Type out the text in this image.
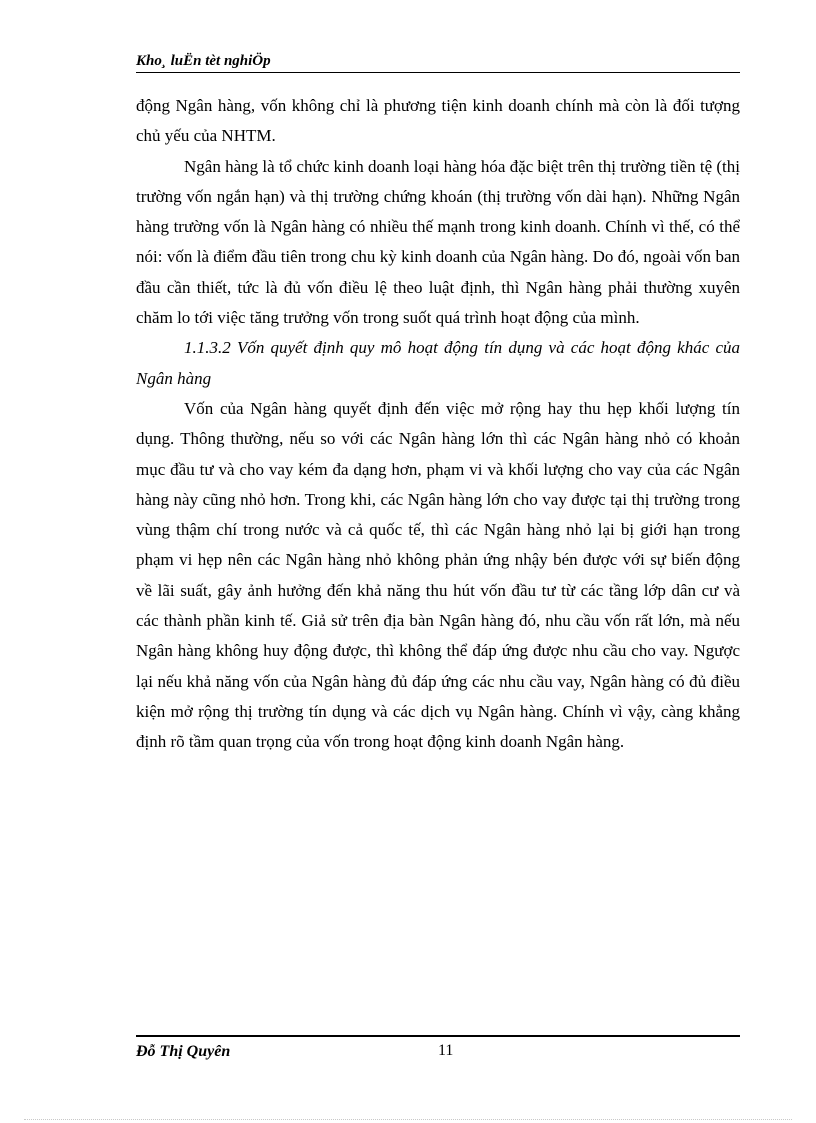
Kho¸ luËn tèt nghiÖp

động Ngân hàng, vốn không chỉ là phương tiện kinh doanh chính mà còn là đối tượng chủ yếu của NHTM.

Ngân hàng là tổ chức kinh doanh loại hàng hóa đặc biệt trên thị trường tiền tệ (thị trường vốn ngắn hạn) và thị trường chứng khoán (thị trường vốn dài hạn). Những Ngân hàng trường vốn là Ngân hàng có nhiều thế mạnh trong kinh doanh. Chính vì thế, có thể nói: vốn là điểm đầu tiên trong chu kỳ kinh doanh của Ngân hàng. Do đó, ngoài vốn ban đầu cần thiết, tức là đủ vốn điều lệ theo luật định, thì Ngân hàng phải thường xuyên chăm lo tới việc tăng trưởng vốn trong suốt quá trình hoạt động của mình.

1.1.3.2 Vốn quyết định quy mô hoạt động tín dụng và các hoạt động khác của Ngân hàng

Vốn của Ngân hàng quyết định đến việc mở rộng hay thu hẹp khối lượng tín dụng. Thông thường, nếu so với các Ngân hàng lớn thì các Ngân hàng nhỏ có khoản mục đầu tư và cho vay kém đa dạng hơn, phạm vi và khối lượng cho vay của các Ngân hàng này cũng nhỏ hơn. Trong khi, các Ngân hàng lớn cho vay được tại thị trường trong vùng thậm chí trong nước và cả quốc tế, thì các Ngân hàng nhỏ lại bị giới hạn trong phạm vi hẹp nên các Ngân hàng nhỏ không phản ứng nhậy bén được với sự biến động về lãi suất, gây ảnh hưởng đến khả năng thu hút vốn đầu tư từ các tầng lớp dân cư và các thành phần kinh tế. Giả sử trên địa bàn Ngân hàng đó, nhu cầu vốn rất lớn, mà nếu Ngân hàng không huy động được, thì không thể đáp ứng được nhu cầu cho vay. Ngược lại nếu khả năng vốn của Ngân hàng đủ đáp ứng các nhu cầu vay, Ngân hàng có đủ điều kiện mở rộng thị trường tín dụng và các dịch vụ Ngân hàng. Chính vì vậy, càng khẳng định rõ tầm quan trọng của vốn trong hoạt động kinh doanh Ngân hàng.

Đỗ Thị Quyên	11
